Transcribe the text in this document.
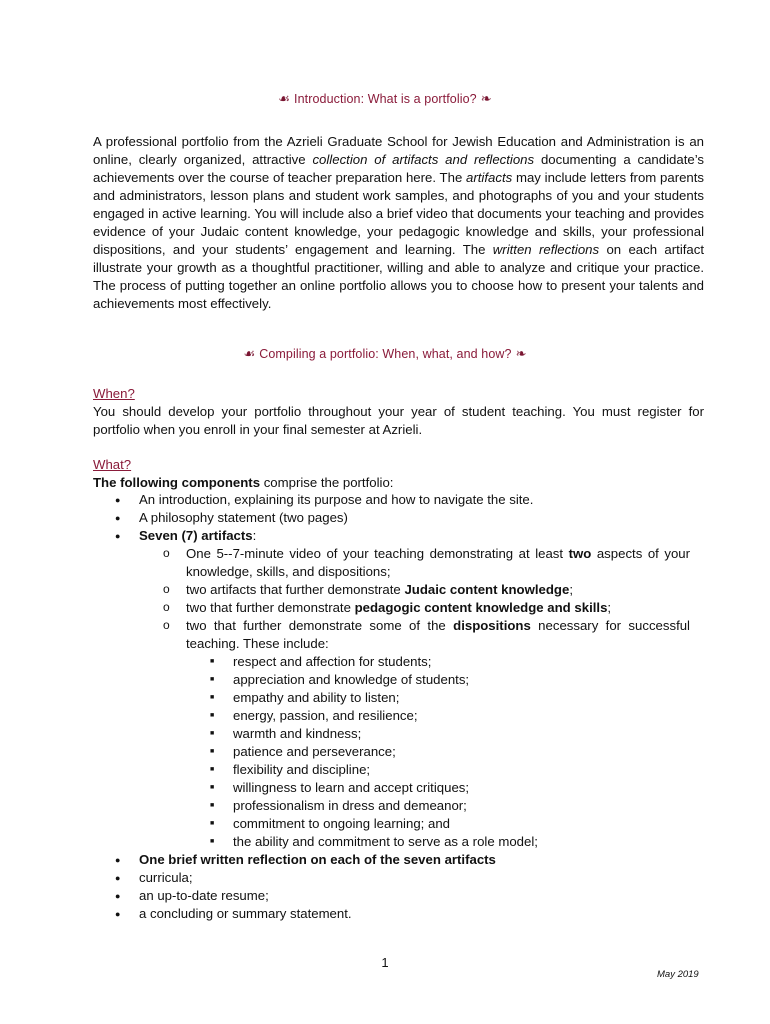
☙ Introduction: What is a portfolio? ❧
A professional portfolio from the Azrieli Graduate School for Jewish Education and Administration is an online, clearly organized, attractive collection of artifacts and reflections documenting a candidate’s achievements over the course of teacher preparation here. The artifacts may include letters from parents and administrators, lesson plans and student work samples, and photographs of you and your students engaged in active learning. You will include also a brief video that documents your teaching and provides evidence of your Judaic content knowledge, your pedagogic knowledge and skills, your professional dispositions, and your students’ engagement and learning. The written reflections on each artifact illustrate your growth as a thoughtful practitioner, willing and able to analyze and critique your practice. The process of putting together an online portfolio allows you to choose how to present your talents and achievements most effectively.
☙ Compiling a portfolio: When, what, and how? ❧
When?
You should develop your portfolio throughout your year of student teaching. You must register for portfolio when you enroll in your final semester at Azrieli.
What?
The following components comprise the portfolio:
● An introduction, explaining its purpose and how to navigate the site.
● A philosophy statement (two pages)
● Seven (7) artifacts:
o One 5--7-minute video of your teaching demonstrating at least two aspects of your knowledge, skills, and dispositions;
o two artifacts that further demonstrate Judaic content knowledge;
o two that further demonstrate pedagogic content knowledge and skills;
o two that further demonstrate some of the dispositions necessary for successful teaching. These include:
■ respect and affection for students;
■ appreciation and knowledge of students;
■ empathy and ability to listen;
■ energy, passion, and resilience;
■ warmth and kindness;
■ patience and perseverance;
■ flexibility and discipline;
■ willingness to learn and accept critiques;
■ professionalism in dress and demeanor;
■ commitment to ongoing learning; and
■ the ability and commitment to serve as a role model;
● One brief written reflection on each of the seven artifacts
● curricula;
● an up-to-date resume;
● a concluding or summary statement.
1
May 2019
